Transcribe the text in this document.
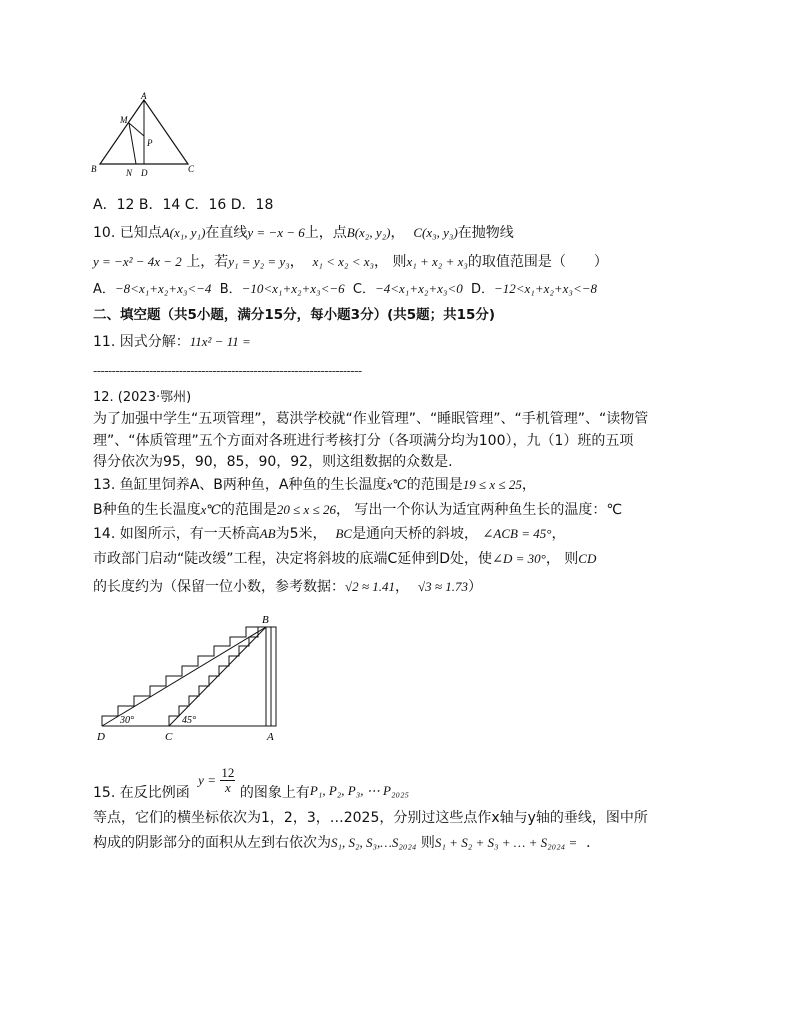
A
M
P
B	N D	C
A．12 B．14 C．16 D．18
10. 已知点A(x₁, y₁)在直线y = −x − 6上，点B(x₂, y₂)， C(x₃, y₃)在抛物线
y = −x² − 4x − 2 上，若y₁ = y₂ = y₃， x₁ < x₂ < x₃， 则x₁ + x₂ + x₃的取值范围是（　　）
A．−8<x₁+x₂+x₃<−4 B．−10<x₁+x₂+x₃<−6 C．−4<x₁+x₂+x₃<0 D．−12<x₁+x₂+x₃<−8
二、填空题（共5小题，满分15分，每小题3分）(共5题；共15分)
11. 因式分解：11x² − 11 =
------------------------------------------------------------------------
12. (2023·鄂州)
为了加强中学生“五项管理”，葛洪学校就“作业管理”、“睡眠管理”、“手机管理”、“读物管
理”、“体质管理”五个方面对各班进行考核打分（各项满分均为100），九（1）班的五项
得分依次为95，90，85，90，92，则这组数据的众数是.
13. 鱼缸里饲养A、B两种鱼，A种鱼的生长温度x℃的范围是19 ≤ x ≤ 25，
B种鱼的生长温度x℃的范围是20 ≤ x ≤ 26， 写出一个你认为适宜两种鱼生长的温度：℃
14. 如图所示，有一天桥高AB为5米， BC是通向天桥的斜坡， ∠ACB = 45°，
市政部门启动“陡改缓”工程，决定将斜坡的底端C延伸到D处，使∠D = 30°， 则CD
的长度约为（保留一位小数，参考数据：√2 ≈ 1.41， √3 ≈ 1.73）
B
D	C	A
30°	45°
15. 在反比例函 $y = \frac{12}{x}$ 的图象上有P₁, P₂, P₃, ⋯ P₂₀₂₅
等点，它们的横坐标依次为1，2，3，…2025，分别过这些点作x轴与y轴的垂线，图中所
构成的阴影部分的面积从左到右依次为S₁, S₂, S₃,…S₂₀₂₄ 则S₁ + S₂ + S₃ + … + S₂₀₂₄ = ．
